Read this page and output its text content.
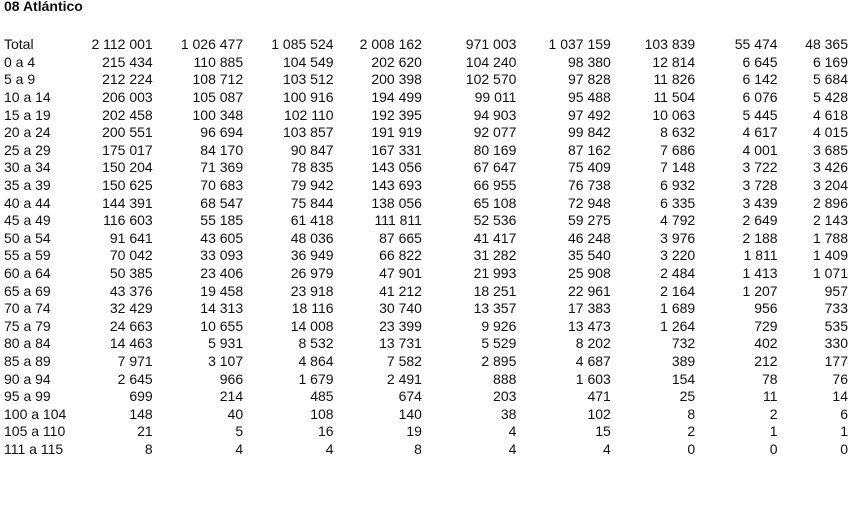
08 Atlántico
Total	2 112 001	1 026 477	1 085 524	2 008 162	971 003	1 037 159	103 839	55 474	48 365
0 a 4	215 434	110 885	104 549	202 620	104 240	98 380	12 814	6 645	6 169
5 a 9	212 224	108 712	103 512	200 398	102 570	97 828	11 826	6 142	5 684
10 a 14	206 003	105 087	100 916	194 499	99 011	95 488	11 504	6 076	5 428
15 a 19	202 458	100 348	102 110	192 395	94 903	97 492	10 063	5 445	4 618
20 a 24	200 551	96 694	103 857	191 919	92 077	99 842	8 632	4 617	4 015
25 a 29	175 017	84 170	90 847	167 331	80 169	87 162	7 686	4 001	3 685
30 a 34	150 204	71 369	78 835	143 056	67 647	75 409	7 148	3 722	3 426
35 a 39	150 625	70 683	79 942	143 693	66 955	76 738	6 932	3 728	3 204
40 a 44	144 391	68 547	75 844	138 056	65 108	72 948	6 335	3 439	2 896
45 a 49	116 603	55 185	61 418	111 811	52 536	59 275	4 792	2 649	2 143
50 a 54	91 641	43 605	48 036	87 665	41 417	46 248	3 976	2 188	1 788
55 a 59	70 042	33 093	36 949	66 822	31 282	35 540	3 220	1 811	1 409
60 a 64	50 385	23 406	26 979	47 901	21 993	25 908	2 484	1 413	1 071
65 a 69	43 376	19 458	23 918	41 212	18 251	22 961	2 164	1 207	957
70 a 74	32 429	14 313	18 116	30 740	13 357	17 383	1 689	956	733
75 a 79	24 663	10 655	14 008	23 399	9 926	13 473	1 264	729	535
80 a 84	14 463	5 931	8 532	13 731	5 529	8 202	732	402	330
85 a 89	7 971	3 107	4 864	7 582	2 895	4 687	389	212	177
90 a 94	2 645	966	1 679	2 491	888	1 603	154	78	76
95 a 99	699	214	485	674	203	471	25	11	14
100 a 104	148	40	108	140	38	102	8	2	6
105 a 110	21	5	16	19	4	15	2	1	1
111 a 115	8	4	4	8	4	4	0	0	0
